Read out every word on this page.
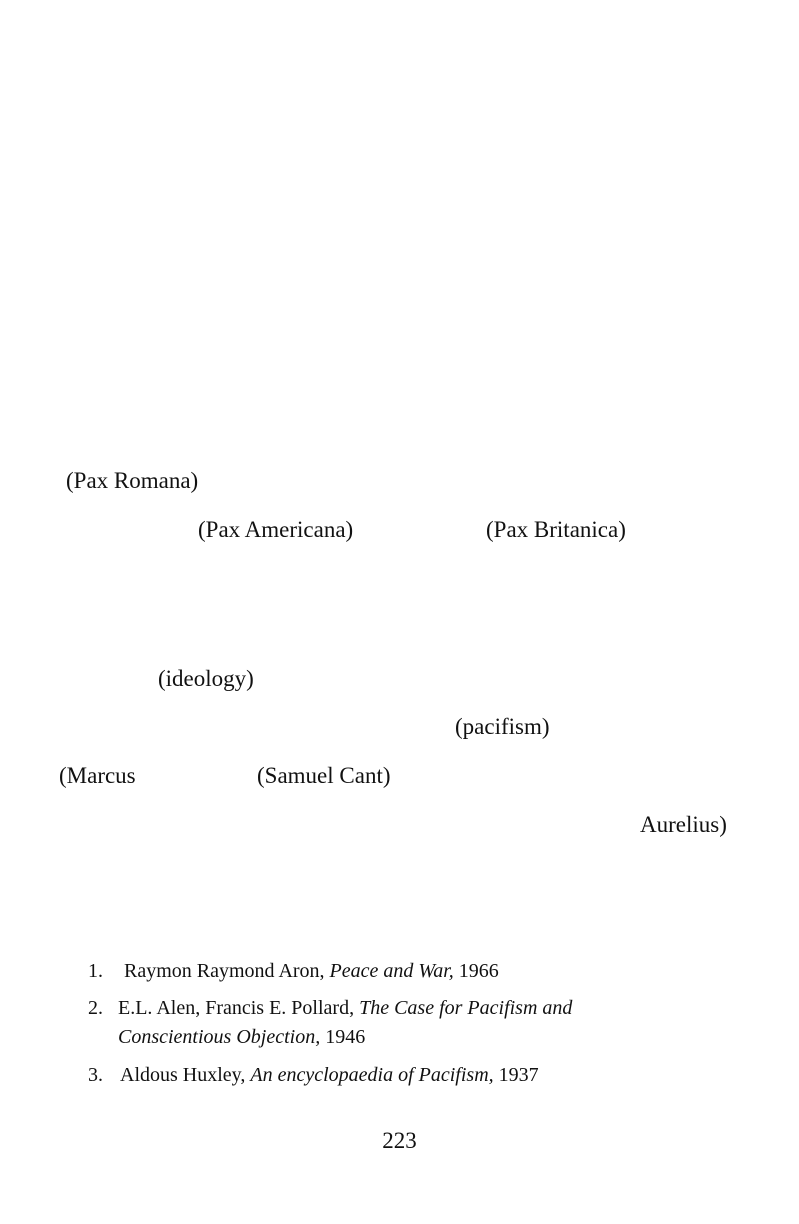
(Pax Romana)
(Pax Americana)	(Pax Britanica)
(ideology)
(pacifism)
(Marcus	(Samuel Cant)
Aurelius)
1. Raymon Raymond Aron, Peace and War, 1966
2. E.L. Alen, Francis E. Pollard, The Case for Pacifism and
Conscientious Objection, 1946
3. Aldous Huxley, An encyclopaedia of Pacifism, 1937
223
